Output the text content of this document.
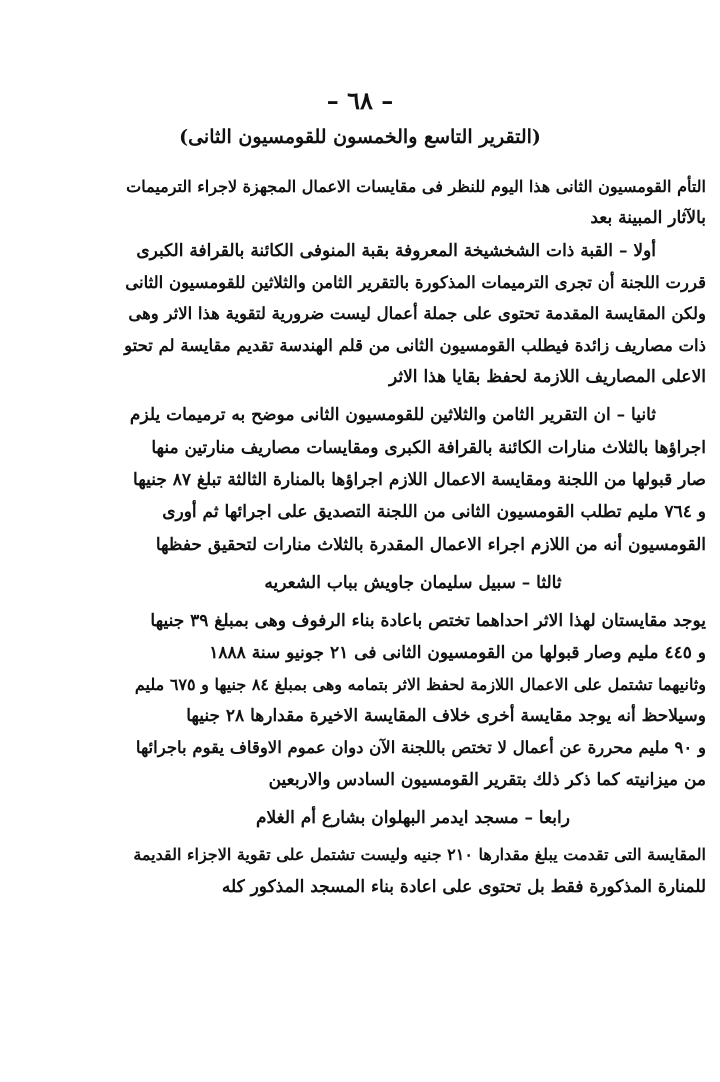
– ٦٨ –
(التقرير التاسع والخمسون للقومسيون الثانى)

التأم القومسيون الثانى هذا اليوم للنظر فى مقايسات الاعمال المجهزة لاجراء الترميمات

بالآثار المبينة بعد

أولا – القبة ذات الشخشيخة المعروفة بقبة المنوفى الكائنة بالقرافة الكبرى

قررت اللجنة أن تجرى الترميمات المذكورة بالتقرير الثامن والثلاثين للقومسيون الثانى

ولكن المقايسة المقدمة تحتوى على جملة أعمال ليست ضرورية لتقوية هذا الاثر وهى

ذات مصاريف زائدة فيطلب القومسيون الثانى من قلم الهندسة تقديم مقايسة لم تحتو

الاعلى المصاريف اللازمة لحفظ بقايا هذا الاثر

ثانيا – ان التقرير الثامن والثلاثين للقومسيون الثانى موضح به ترميمات يلزم

اجراؤها بالثلاث منارات الكائنة بالقرافة الكبرى ومقايسات مصاريف منارتين منها

صار قبولها من اللجنة ومقايسة الاعمال اللازم اجراؤها بالمنارة الثالثة تبلغ ٨٧ جنيها

و ٧٦٤ مليم تطلب القومسيون الثانى من اللجنة التصديق على اجرائها ثم أورى

القومسيون أنه من اللازم اجراء الاعمال المقدرة بالثلاث منارات لتحقيق حفظها

ثالثا – سبيل سليمان جاويش بباب الشعريه

يوجد مقايستان لهذا الاثر احداهما تختص باعادة بناء الرفوف وهى بمبلغ ٣٩ جنيها

و ٤٤٥ مليم وصار قبولها من القومسيون الثانى فى ٢١ جونيو سنة ١٨٨٨

وثانيهما تشتمل على الاعمال اللازمة لحفظ الاثر بتمامه وهى بمبلغ ٨٤ جنيها و ٦٧٥ مليم

وسيلاحظ أنه يوجد مقايسة أخرى خلاف المقايسة الاخيرة مقدارها ٢٨ جنيها

و ٩٠ مليم محررة عن أعمال لا تختص باللجنة الآن دوان عموم الاوقاف يقوم باجرائها

من ميزانيته كما ذكر ذلك بتقرير القومسيون السادس والاربعين

رابعا – مسجد ايدمر البهلوان بشارع أم الغلام

المقايسة التى تقدمت يبلغ مقدارها ٢١٠ جنيه وليست تشتمل على تقوية الاجزاء القديمة

للمنارة المذكورة فقط بل تحتوى على اعادة بناء المسجد المذكور كله
